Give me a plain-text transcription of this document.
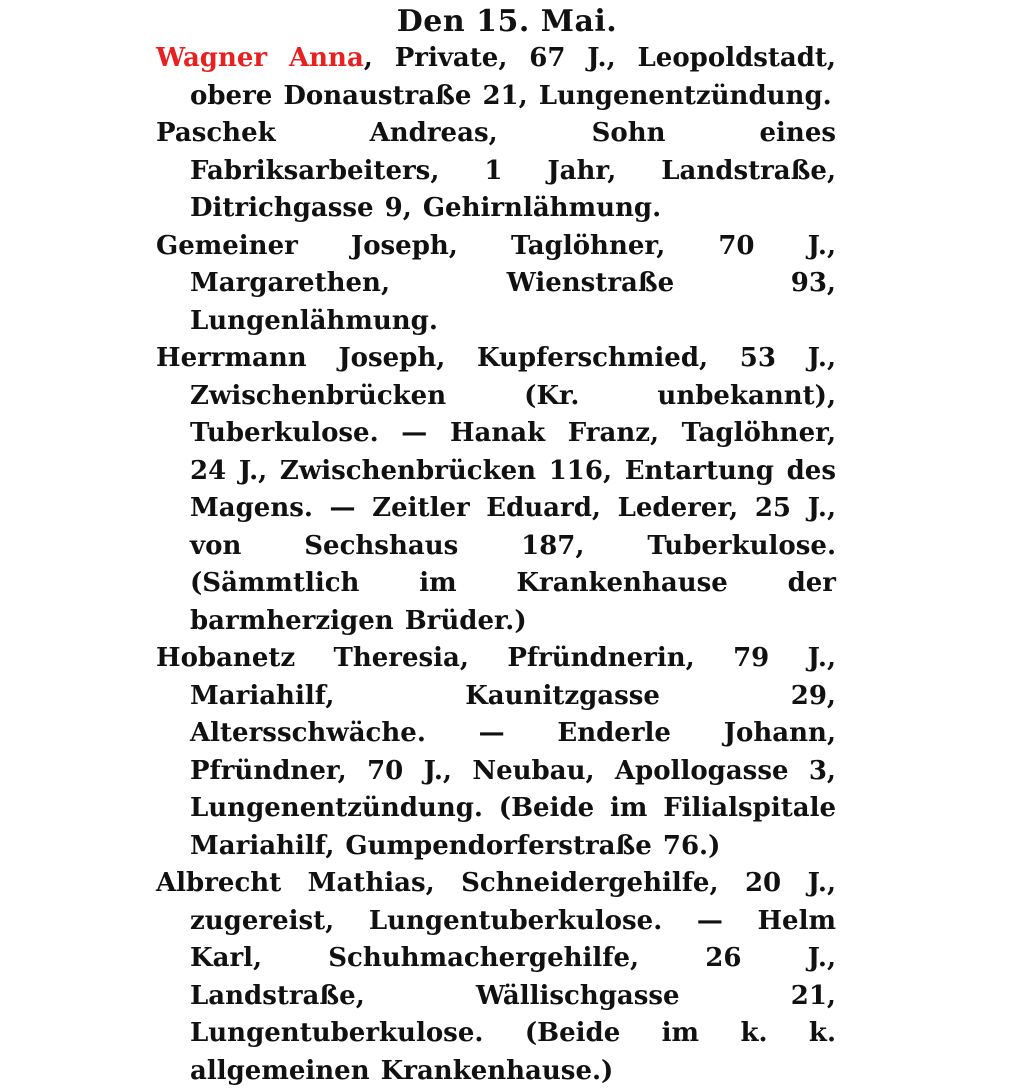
Den 15. Mai.

Wagner Anna, Private, 67 J., Leopoldstadt, obere Donaustraße 21, Lungenentzündung.

Paschek Andreas, Sohn eines Fabriksarbeiters, 1 Jahr, Landstraße, Ditrichgasse 9, Gehirnlähmung.

Gemeiner Joseph, Taglöhner, 70 J., Margarethen, Wienstraße 93, Lungenlähmung.

Herrmann Joseph, Kupferschmied, 53 J., Zwischenbrücken (Kr. unbekannt), Tuberkulose. — Hanak Franz, Taglöhner, 24 J., Zwischenbrücken 116, Entartung des Magens. — Zeitler Eduard, Lederer, 25 J., von Sechshaus 187, Tuberkulose. (Sämmtlich im Krankenhause der barmherzigen Brüder.)

Hobanetz Theresia, Pfründnerin, 79 J., Mariahilf, Kaunitzgasse 29, Altersschwäche. — Enderle Johann, Pfründner, 70 J., Neubau, Apollogasse 3, Lungenentzündung. (Beide im Filialspitale Mariahilf, Gumpendorferstraße 76.)

Albrecht Mathias, Schneidergehilfe, 20 J., zugereist, Lungentuberkulose. — Helm Karl, Schuhmachergehilfe, 26 J., Landstraße, Wällischgasse 21, Lungentuberkulose. (Beide im k. k. allgemeinen Krankenhause.)
